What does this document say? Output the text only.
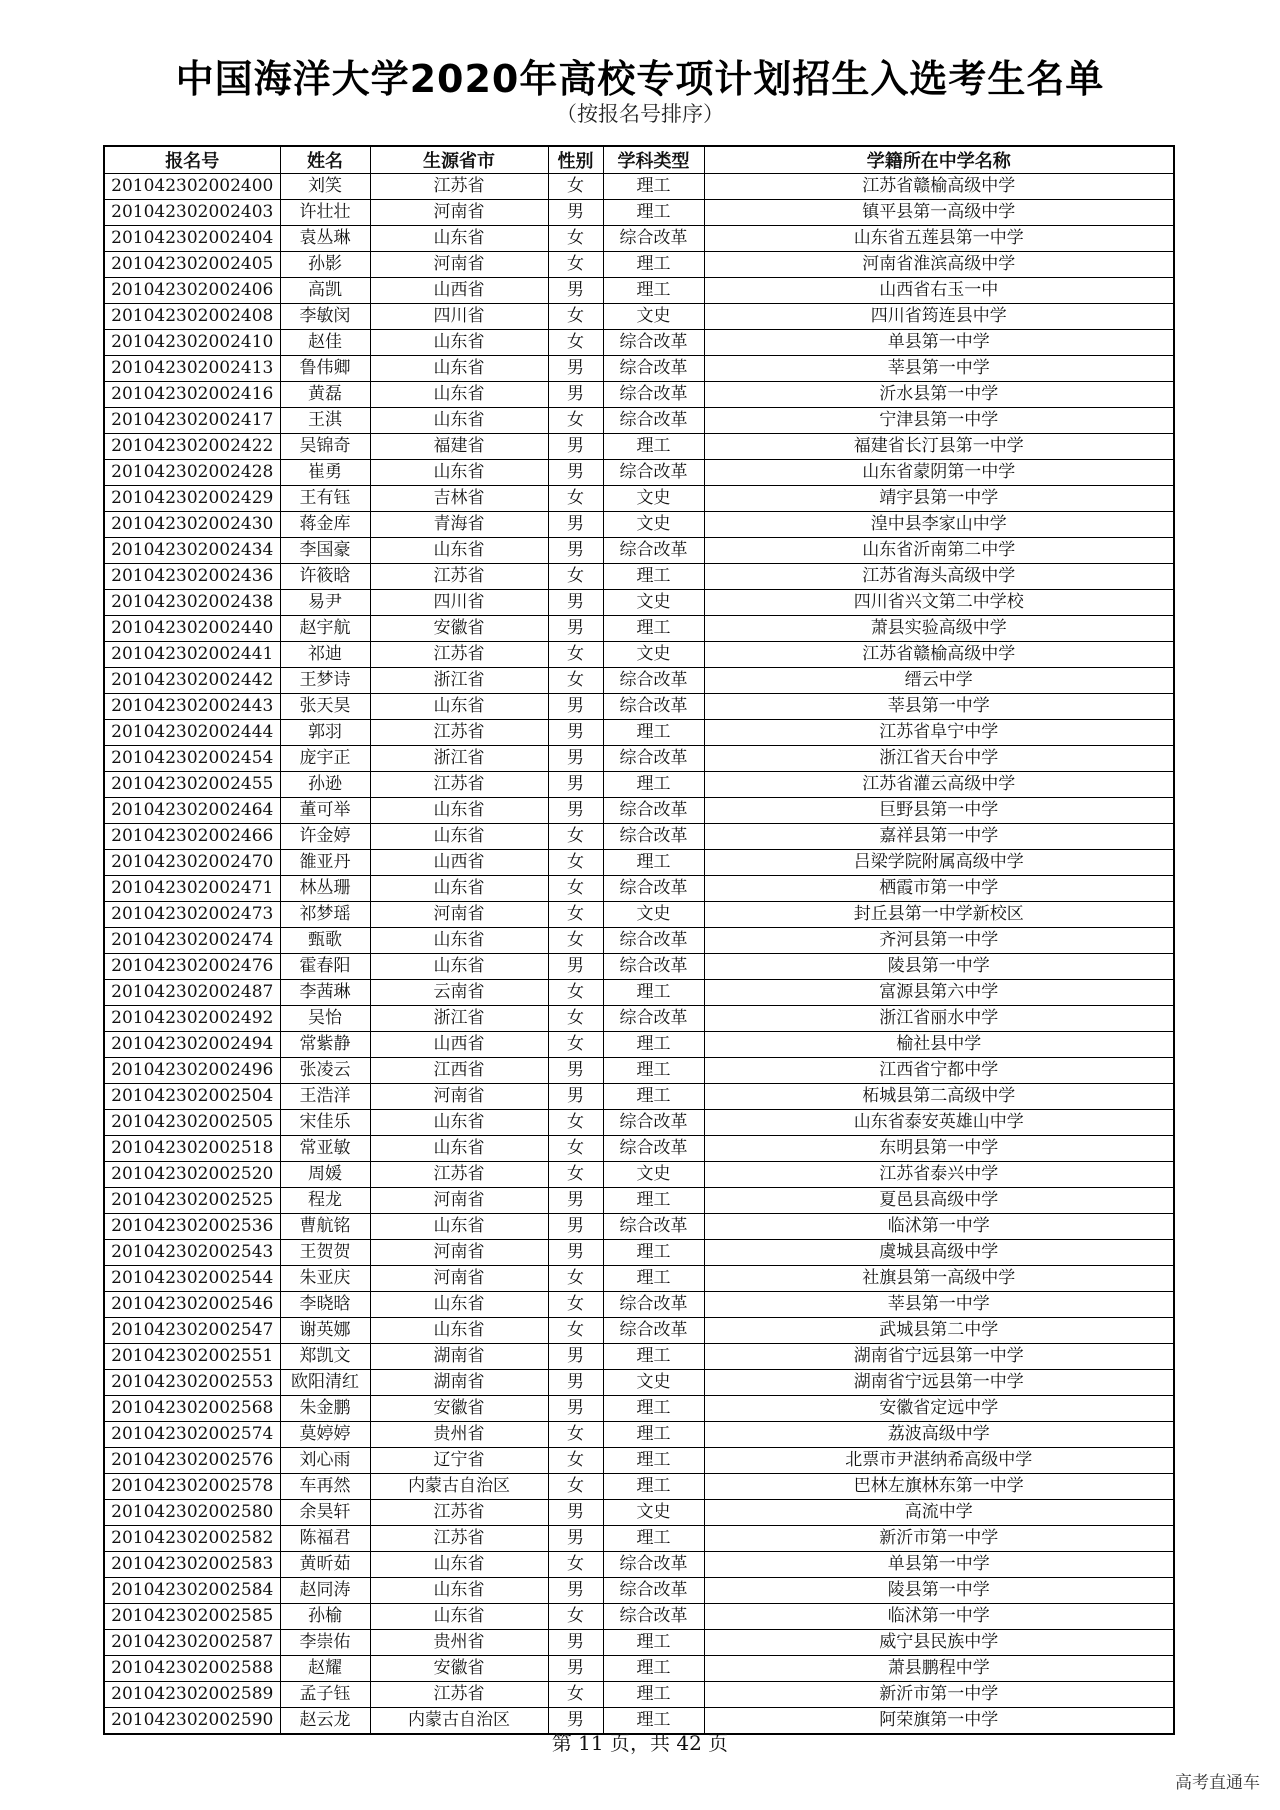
中国海洋大学2020年高校专项计划招生入选考生名单
（按报名号排序）
报名号	姓名	生源省市	性别	学科类型	学籍所在中学名称
201042302002400	刘笑	江苏省	女	理工	江苏省赣榆高级中学
201042302002403	许壮壮	河南省	男	理工	镇平县第一高级中学
201042302002404	袁丛琳	山东省	女	综合改革	山东省五莲县第一中学
201042302002405	孙影	河南省	女	理工	河南省淮滨高级中学
201042302002406	高凯	山西省	男	理工	山西省右玉一中
201042302002408	李敏闵	四川省	女	文史	四川省筠连县中学
201042302002410	赵佳	山东省	女	综合改革	单县第一中学
201042302002413	鲁伟卿	山东省	男	综合改革	莘县第一中学
201042302002416	黄磊	山东省	男	综合改革	沂水县第一中学
201042302002417	王淇	山东省	女	综合改革	宁津县第一中学
201042302002422	吴锦奇	福建省	男	理工	福建省长汀县第一中学
201042302002428	崔勇	山东省	男	综合改革	山东省蒙阴第一中学
201042302002429	王有钰	吉林省	女	文史	靖宇县第一中学
201042302002430	蒋金库	青海省	男	文史	湟中县李家山中学
201042302002434	李国豪	山东省	男	综合改革	山东省沂南第二中学
201042302002436	许筱晗	江苏省	女	理工	江苏省海头高级中学
201042302002438	易尹	四川省	男	文史	四川省兴文第二中学校
201042302002440	赵宇航	安徽省	男	理工	萧县实验高级中学
201042302002441	祁迪	江苏省	女	文史	江苏省赣榆高级中学
201042302002442	王梦诗	浙江省	女	综合改革	缙云中学
201042302002443	张天昊	山东省	男	综合改革	莘县第一中学
201042302002444	郭羽	江苏省	男	理工	江苏省阜宁中学
201042302002454	庞宇正	浙江省	男	综合改革	浙江省天台中学
201042302002455	孙逊	江苏省	男	理工	江苏省灌云高级中学
201042302002464	董可举	山东省	男	综合改革	巨野县第一中学
201042302002466	许金婷	山东省	女	综合改革	嘉祥县第一中学
201042302002470	雒亚丹	山西省	女	理工	吕梁学院附属高级中学
201042302002471	林丛珊	山东省	女	综合改革	栖霞市第一中学
201042302002473	祁梦瑶	河南省	女	文史	封丘县第一中学新校区
201042302002474	甄歌	山东省	女	综合改革	齐河县第一中学
201042302002476	霍春阳	山东省	男	综合改革	陵县第一中学
201042302002487	李茜琳	云南省	女	理工	富源县第六中学
201042302002492	吴怡	浙江省	女	综合改革	浙江省丽水中学
201042302002494	常紫静	山西省	女	理工	榆社县中学
201042302002496	张凌云	江西省	男	理工	江西省宁都中学
201042302002504	王浩洋	河南省	男	理工	柘城县第二高级中学
201042302002505	宋佳乐	山东省	女	综合改革	山东省泰安英雄山中学
201042302002518	常亚敏	山东省	女	综合改革	东明县第一中学
201042302002520	周媛	江苏省	女	文史	江苏省泰兴中学
201042302002525	程龙	河南省	男	理工	夏邑县高级中学
201042302002536	曹航铭	山东省	男	综合改革	临沭第一中学
201042302002543	王贺贺	河南省	男	理工	虞城县高级中学
201042302002544	朱亚庆	河南省	女	理工	社旗县第一高级中学
201042302002546	李晓晗	山东省	女	综合改革	莘县第一中学
201042302002547	谢英娜	山东省	女	综合改革	武城县第二中学
201042302002551	郑凯文	湖南省	男	理工	湖南省宁远县第一中学
201042302002553	欧阳清红	湖南省	男	文史	湖南省宁远县第一中学
201042302002568	朱金鹏	安徽省	男	理工	安徽省定远中学
201042302002574	莫婷婷	贵州省	女	理工	荔波高级中学
201042302002576	刘心雨	辽宁省	女	理工	北票市尹湛纳希高级中学
201042302002578	车再然	内蒙古自治区	女	理工	巴林左旗林东第一中学
201042302002580	余昊轩	江苏省	男	文史	高流中学
201042302002582	陈福君	江苏省	男	理工	新沂市第一中学
201042302002583	黄昕茹	山东省	女	综合改革	单县第一中学
201042302002584	赵同涛	山东省	男	综合改革	陵县第一中学
201042302002585	孙榆	山东省	女	综合改革	临沭第一中学
201042302002587	李崇佑	贵州省	男	理工	威宁县民族中学
201042302002588	赵耀	安徽省	男	理工	萧县鹏程中学
201042302002589	孟子钰	江苏省	女	理工	新沂市第一中学
201042302002590	赵云龙	内蒙古自治区	男	理工	阿荣旗第一中学
第 11 页，共 42 页
高考直通车
